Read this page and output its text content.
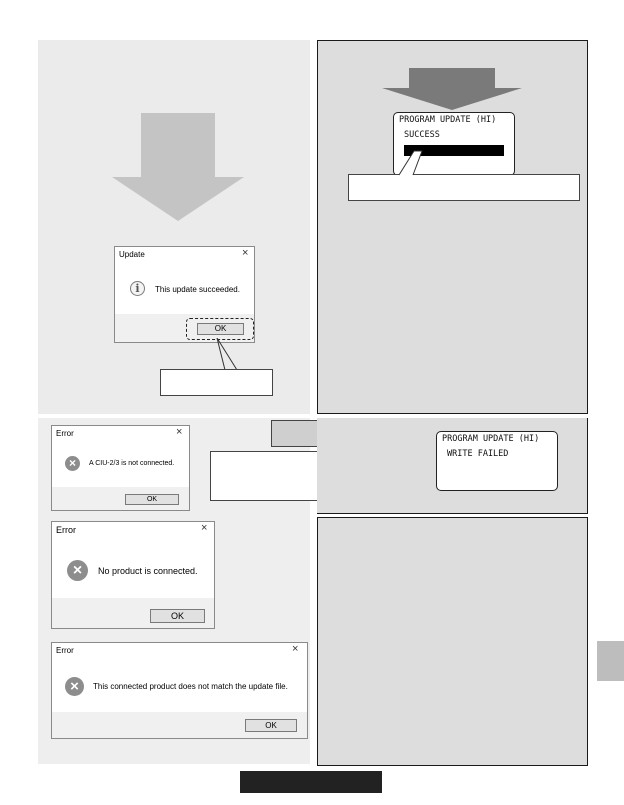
Update	×
i	This update succeeded.
OK
PROGRAM UPDATE (HI)
SUCCESS
Error	×
×	A CIU-2/3 is not connected.
OK
Error	×
×	No product is connected.
OK
Error	×
×	This connected product does not match the update file.
OK
PROGRAM UPDATE (HI)
WRITE FAILED
